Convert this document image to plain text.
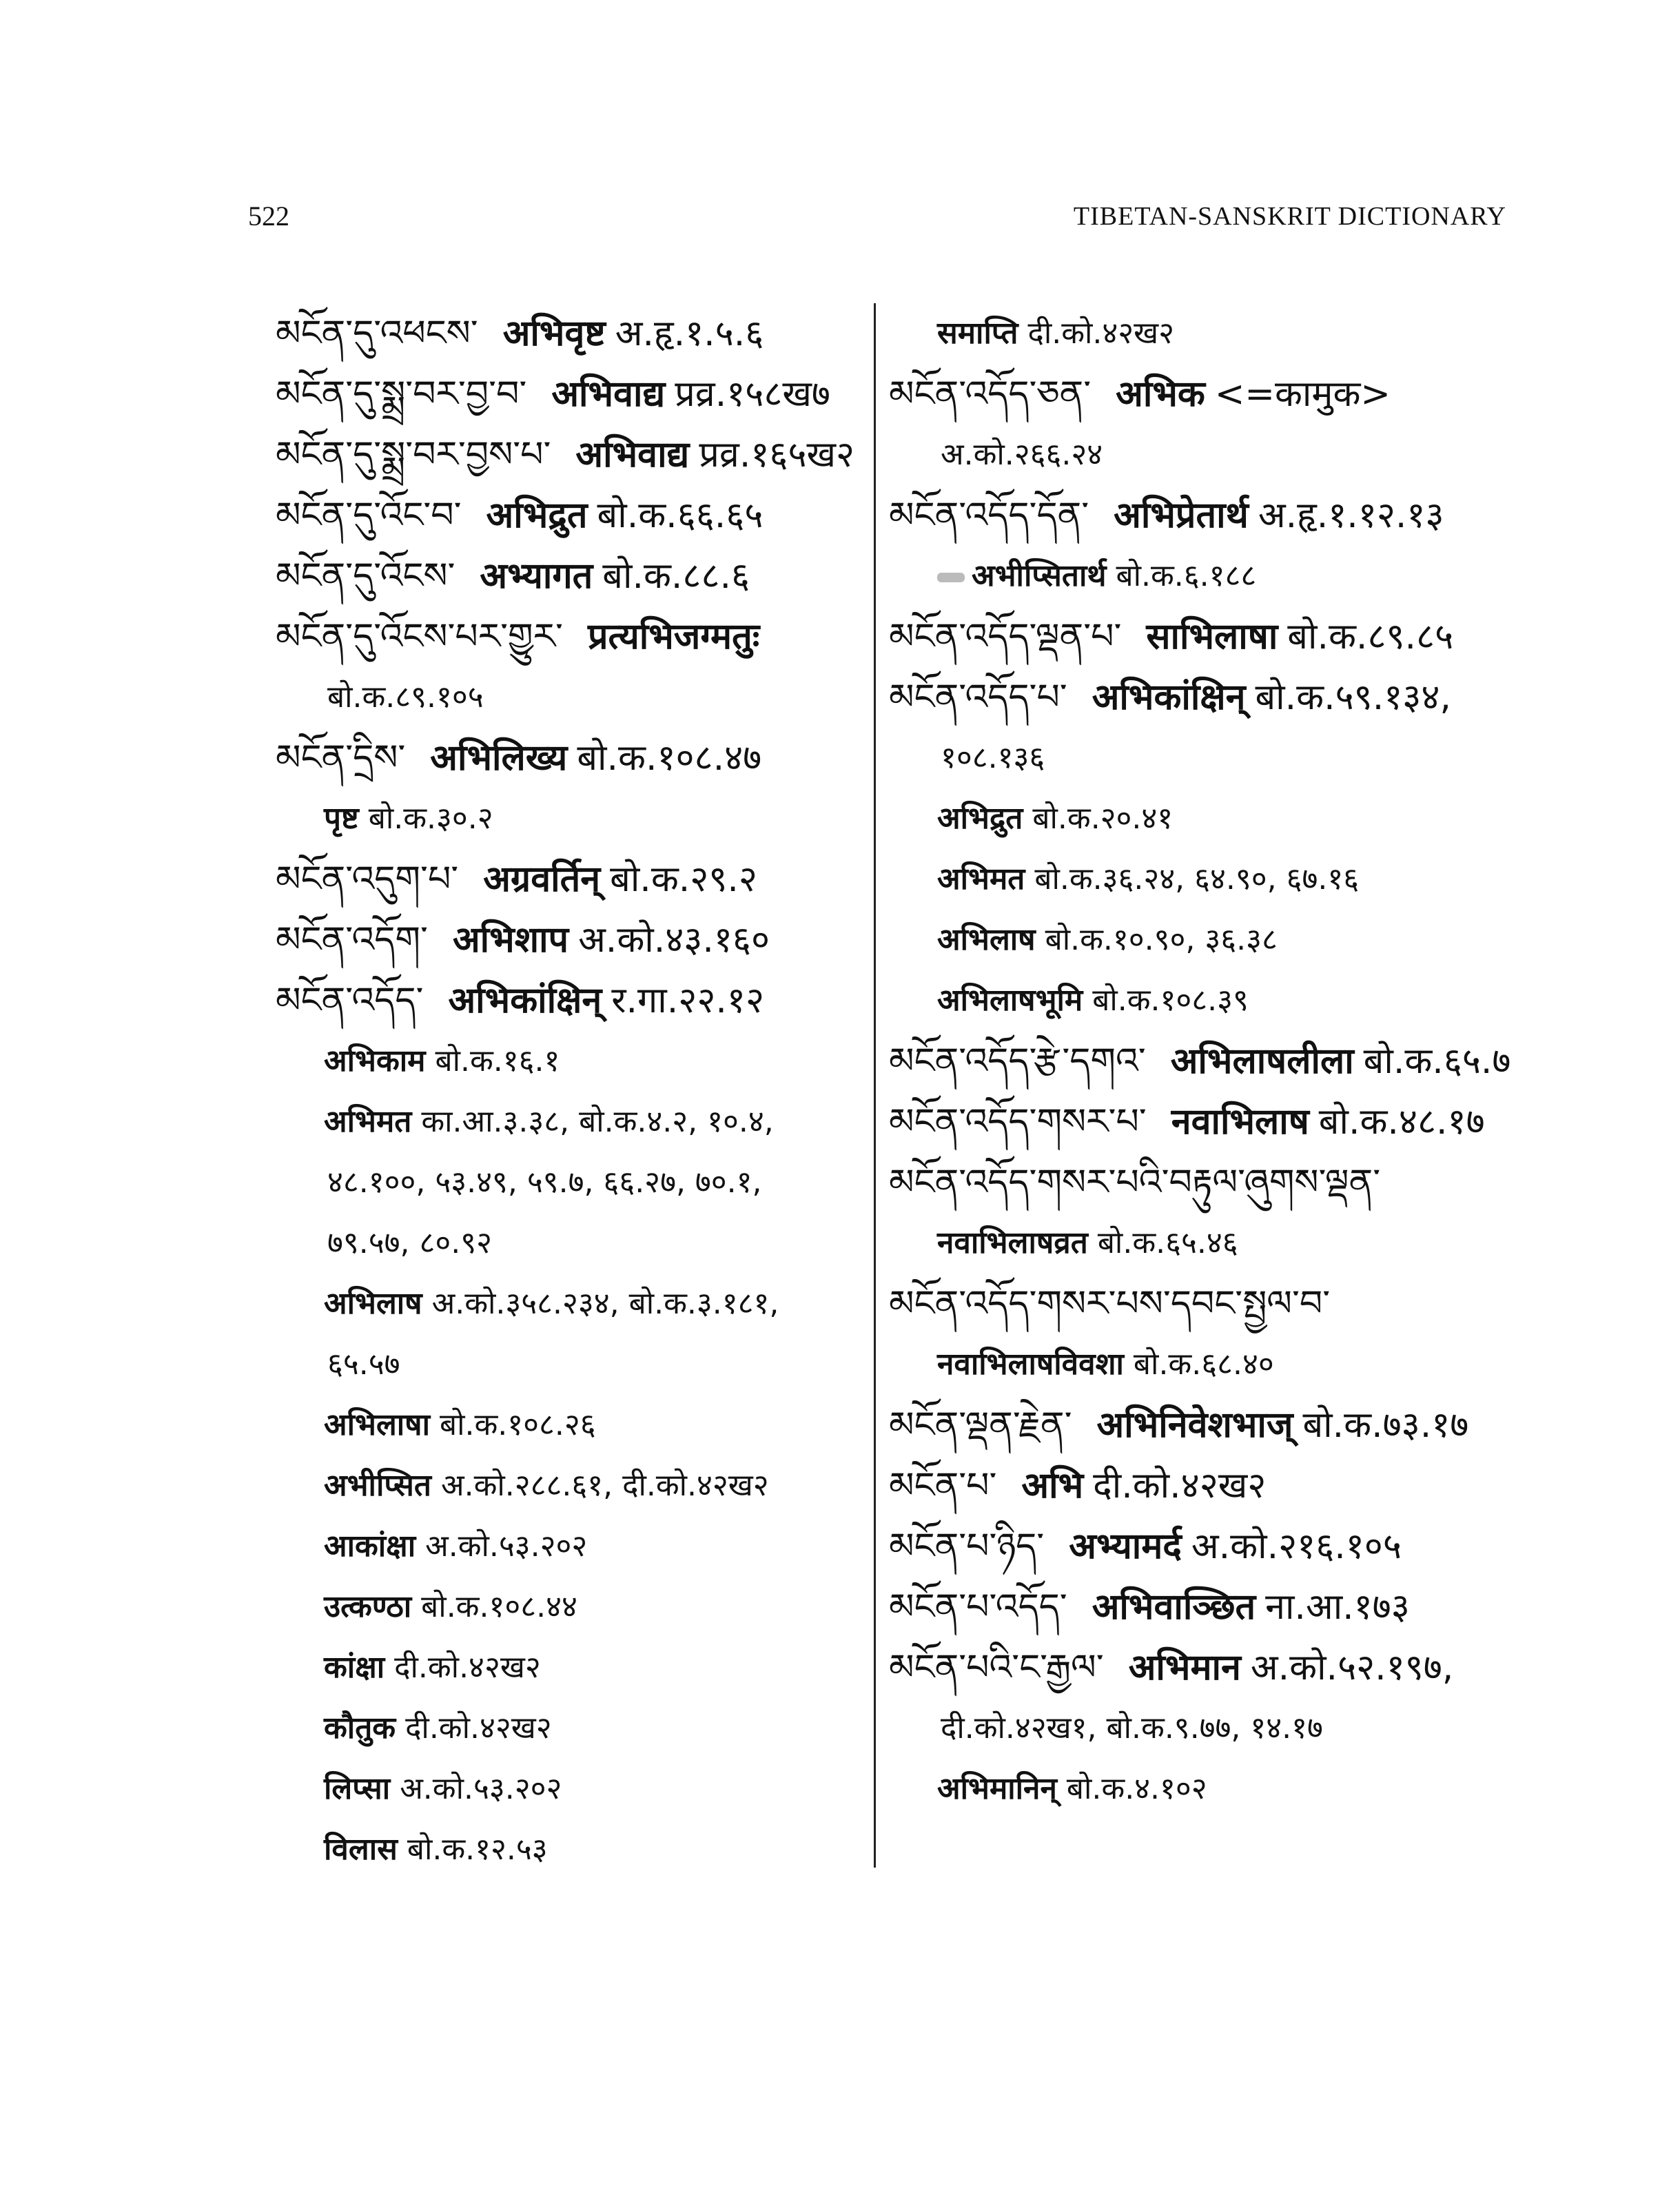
522	TIBETAN-SANSKRIT DICTIONARY
མངོན་དུ་འཕངས་ अभिवृष्ट अ.हृ.१.५.६
མངོན་དུ་སྨྲ་བར་བྱ་བ་ अभिवाद्य प्रव्र.१५८ख७
མངོན་དུ་སྨྲ་བར་བྱས་པ་ अभिवाद्य प्रव्र.१६५ख२
མངོན་དུ་འོང་བ་ अभिद्रुत बो.क.६६.६५
མངོན་དུ་འོངས་ अभ्यागत बो.क.८८.६
མངོན་དུ་འོངས་པར་གྱུར་ प्रत्यभिजग्मतुः
बो.क.८९.१०५
མངོན་དྲིས་ अभिलिख्य बो.क.१०८.४७
पृष्ट बो.क.३०.२
མངོན་འདུག་པ་ अग्रवर्तिन् बो.क.२९.२
མངོན་འདོག་ अभिशाप अ.को.४३.१६०
མངོན་འདོད་ अभिकांक्षिन् र.गा.२२.१२
अभिकाम बो.क.१६.१
अभिमत का.आ.३.३८, बो.क.४.२, १०.४,
४८.१००, ५३.४९, ५९.७, ६६.२७, ७०.१,
७९.५७, ८०.९२
अभिलाष अ.को.३५८.२३४, बो.क.३.१८१,
६५.५७
अभिलाषा बो.क.१०८.२६
अभीप्सित अ.को.२८८.६१, दी.को.४२ख२
आकांक्षा अ.को.५३.२०२
उत्कण्ठा बो.क.१०८.४४
कांक्षा दी.को.४२ख२
कौतुक दी.को.४२ख२
लिप्सा अ.को.५३.२०२
विलास बो.क.१२.५३
समाप्ति दी.को.४२ख२
མངོན་འདོད་ཅན་ अभिक <=कामुक>
अ.को.२६६.२४
མངོན་འདོད་དོན་ अभिप्रेतार्थ अ.हृ.१.१२.१३
अभीप्सितार्थ बो.क.६.१८८
མངོན་འདོད་ལྡན་པ་ साभिलाषा बो.क.८९.८५
མངོན་འདོད་པ་ अभिकांक्षिन् बो.क.५९.१३४,
१०८.१३६
अभिद्रुत बो.क.२०.४१
अभिमत बो.क.३६.२४, ६४.९०, ६७.१६
अभिलाष बो.क.१०.९०, ३६.३८
अभिलाषभूमि बो.क.१०८.३९
མངོན་འདོད་རྩེ་དགའ་ अभिलाषलीला बो.क.६५.७
མངོན་འདོད་གསར་པ་ नवाभिलाष बो.क.४८.१७
མངོན་འདོད་གསར་པའི་བརྟུལ་ཞུགས་ལྡན་
नवाभिलाषव्रत बो.क.६५.४६
མངོན་འདོད་གསར་པས་དབང་སྤྱལ་བ་
नवाभिलाषविवशा बो.क.६८.४०
མངོན་ལྡན་རྗེན་ अभिनिवेशभाज् बो.क.७३.१७
མངོན་པ་ अभि दी.को.४२ख२
མངོན་པ་ཉིད་ अभ्यामर्द अ.को.२१६.१०५
མངོན་པ་འདོད་ अभिवाञ्छित ना.आ.१७३
མངོན་པའི་ང་རྒྱལ་ अभिमान अ.को.५२.१९७,
दी.को.४२ख१, बो.क.९.७७, १४.१७
अभिमानिन् बो.क.४.१०२
